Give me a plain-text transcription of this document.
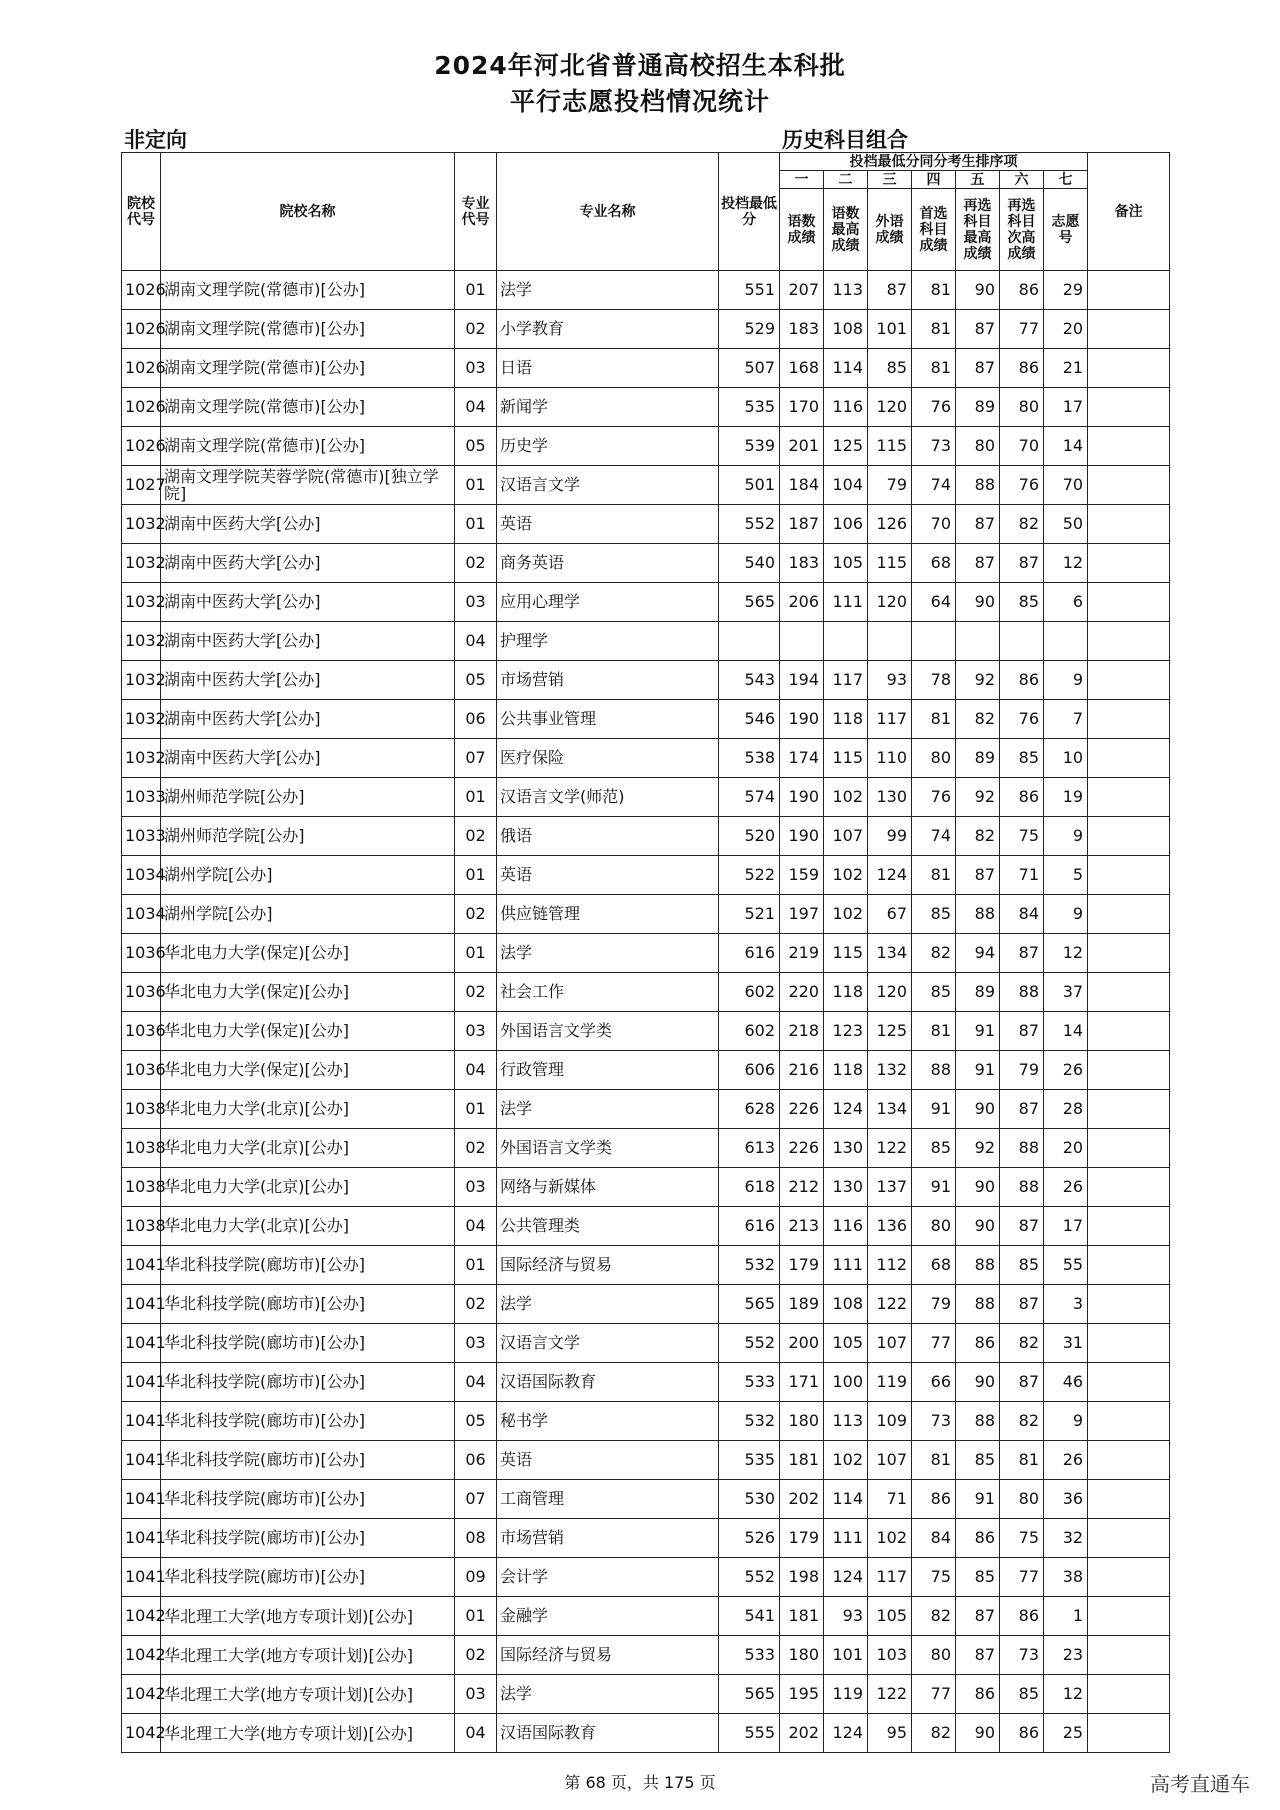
2024年河北省普通高校招生本科批
平行志愿投档情况统计
非定向	历史科目组合
院校代号	院校名称	专业代号	专业名称	投档最低分	投档最低分同分考生排序项							备注
					一	二	三	四	五	六	七	
					语数成绩	语数最高成绩	外语成绩	首选科目成绩	再选科目最高成绩	再选科目次高成绩	志愿号	
1026	湖南文理学院(常德市)[公办]	01	法学	551	207	113	87	81	90	86	29	
1026	湖南文理学院(常德市)[公办]	02	小学教育	529	183	108	101	81	87	77	20	
1026	湖南文理学院(常德市)[公办]	03	日语	507	168	114	85	81	87	86	21	
1026	湖南文理学院(常德市)[公办]	04	新闻学	535	170	116	120	76	89	80	17	
1026	湖南文理学院(常德市)[公办]	05	历史学	539	201	125	115	73	80	70	14	
1027	湖南文理学院芙蓉学院(常德市)[独立学院]	01	汉语言文学	501	184	104	79	74	88	76	70	
1032	湖南中医药大学[公办]	01	英语	552	187	106	126	70	87	82	50	
1032	湖南中医药大学[公办]	02	商务英语	540	183	105	115	68	87	87	12	
1032	湖南中医药大学[公办]	03	应用心理学	565	206	111	120	64	90	85	6	
1032	湖南中医药大学[公办]	04	护理学									
1032	湖南中医药大学[公办]	05	市场营销	543	194	117	93	78	92	86	9	
1032	湖南中医药大学[公办]	06	公共事业管理	546	190	118	117	81	82	76	7	
1032	湖南中医药大学[公办]	07	医疗保险	538	174	115	110	80	89	85	10	
1033	湖州师范学院[公办]	01	汉语言文学(师范)	574	190	102	130	76	92	86	19	
1033	湖州师范学院[公办]	02	俄语	520	190	107	99	74	82	75	9	
1034	湖州学院[公办]	01	英语	522	159	102	124	81	87	71	5	
1034	湖州学院[公办]	02	供应链管理	521	197	102	67	85	88	84	9	
1036	华北电力大学(保定)[公办]	01	法学	616	219	115	134	82	94	87	12	
1036	华北电力大学(保定)[公办]	02	社会工作	602	220	118	120	85	89	88	37	
1036	华北电力大学(保定)[公办]	03	外国语言文学类	602	218	123	125	81	91	87	14	
1036	华北电力大学(保定)[公办]	04	行政管理	606	216	118	132	88	91	79	26	
1038	华北电力大学(北京)[公办]	01	法学	628	226	124	134	91	90	87	28	
1038	华北电力大学(北京)[公办]	02	外国语言文学类	613	226	130	122	85	92	88	20	
1038	华北电力大学(北京)[公办]	03	网络与新媒体	618	212	130	137	91	90	88	26	
1038	华北电力大学(北京)[公办]	04	公共管理类	616	213	116	136	80	90	87	17	
1041	华北科技学院(廊坊市)[公办]	01	国际经济与贸易	532	179	111	112	68	88	85	55	
1041	华北科技学院(廊坊市)[公办]	02	法学	565	189	108	122	79	88	87	3	
1041	华北科技学院(廊坊市)[公办]	03	汉语言文学	552	200	105	107	77	86	82	31	
1041	华北科技学院(廊坊市)[公办]	04	汉语国际教育	533	171	100	119	66	90	87	46	
1041	华北科技学院(廊坊市)[公办]	05	秘书学	532	180	113	109	73	88	82	9	
1041	华北科技学院(廊坊市)[公办]	06	英语	535	181	102	107	81	85	81	26	
1041	华北科技学院(廊坊市)[公办]	07	工商管理	530	202	114	71	86	91	80	36	
1041	华北科技学院(廊坊市)[公办]	08	市场营销	526	179	111	102	84	86	75	32	
1041	华北科技学院(廊坊市)[公办]	09	会计学	552	198	124	117	75	85	77	38	
1042	华北理工大学(地方专项计划)[公办]	01	金融学	541	181	93	105	82	87	86	1	
1042	华北理工大学(地方专项计划)[公办]	02	国际经济与贸易	533	180	101	103	80	87	73	23	
1042	华北理工大学(地方专项计划)[公办]	03	法学	565	195	119	122	77	86	85	12	
1042	华北理工大学(地方专项计划)[公办]	04	汉语国际教育	555	202	124	95	82	90	86	25	
第 68 页，共 175 页	高考直通车
